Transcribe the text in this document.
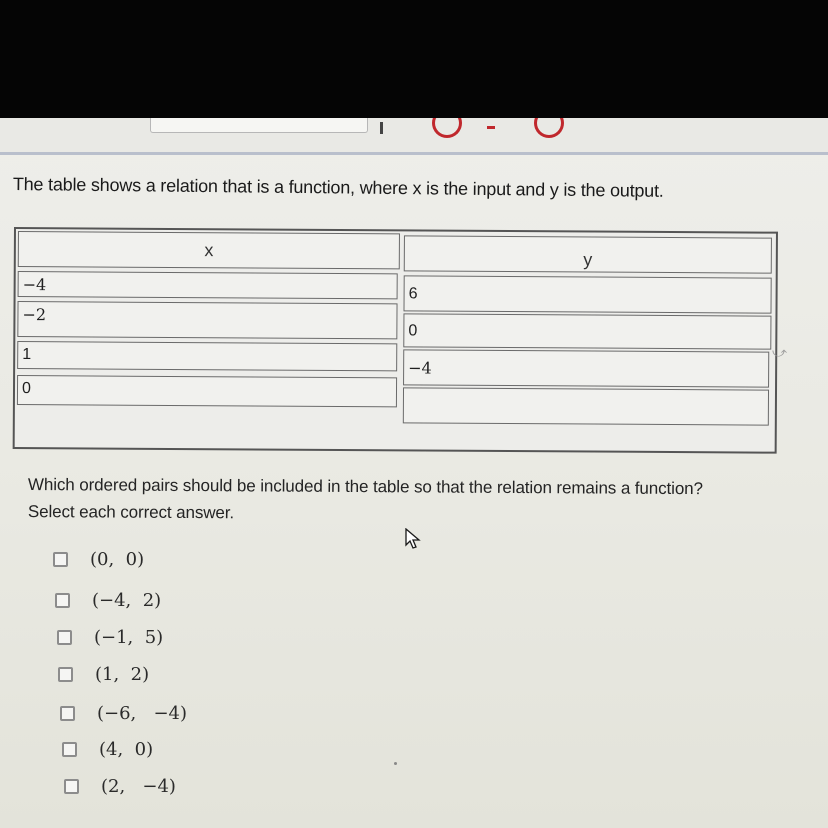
The table shows a relation that is a function, where x is the input and y is the output.
x	y
−4	6
−2
0
1
−4
0
⤻
Which ordered pairs should be included in the table so that the relation remains a function?
Select each correct answer.
(0,  0)
(−4,  2)
(−1,  5)
(1,  2)
(−6,   −4)
(4,  0)
(2,   −4)
